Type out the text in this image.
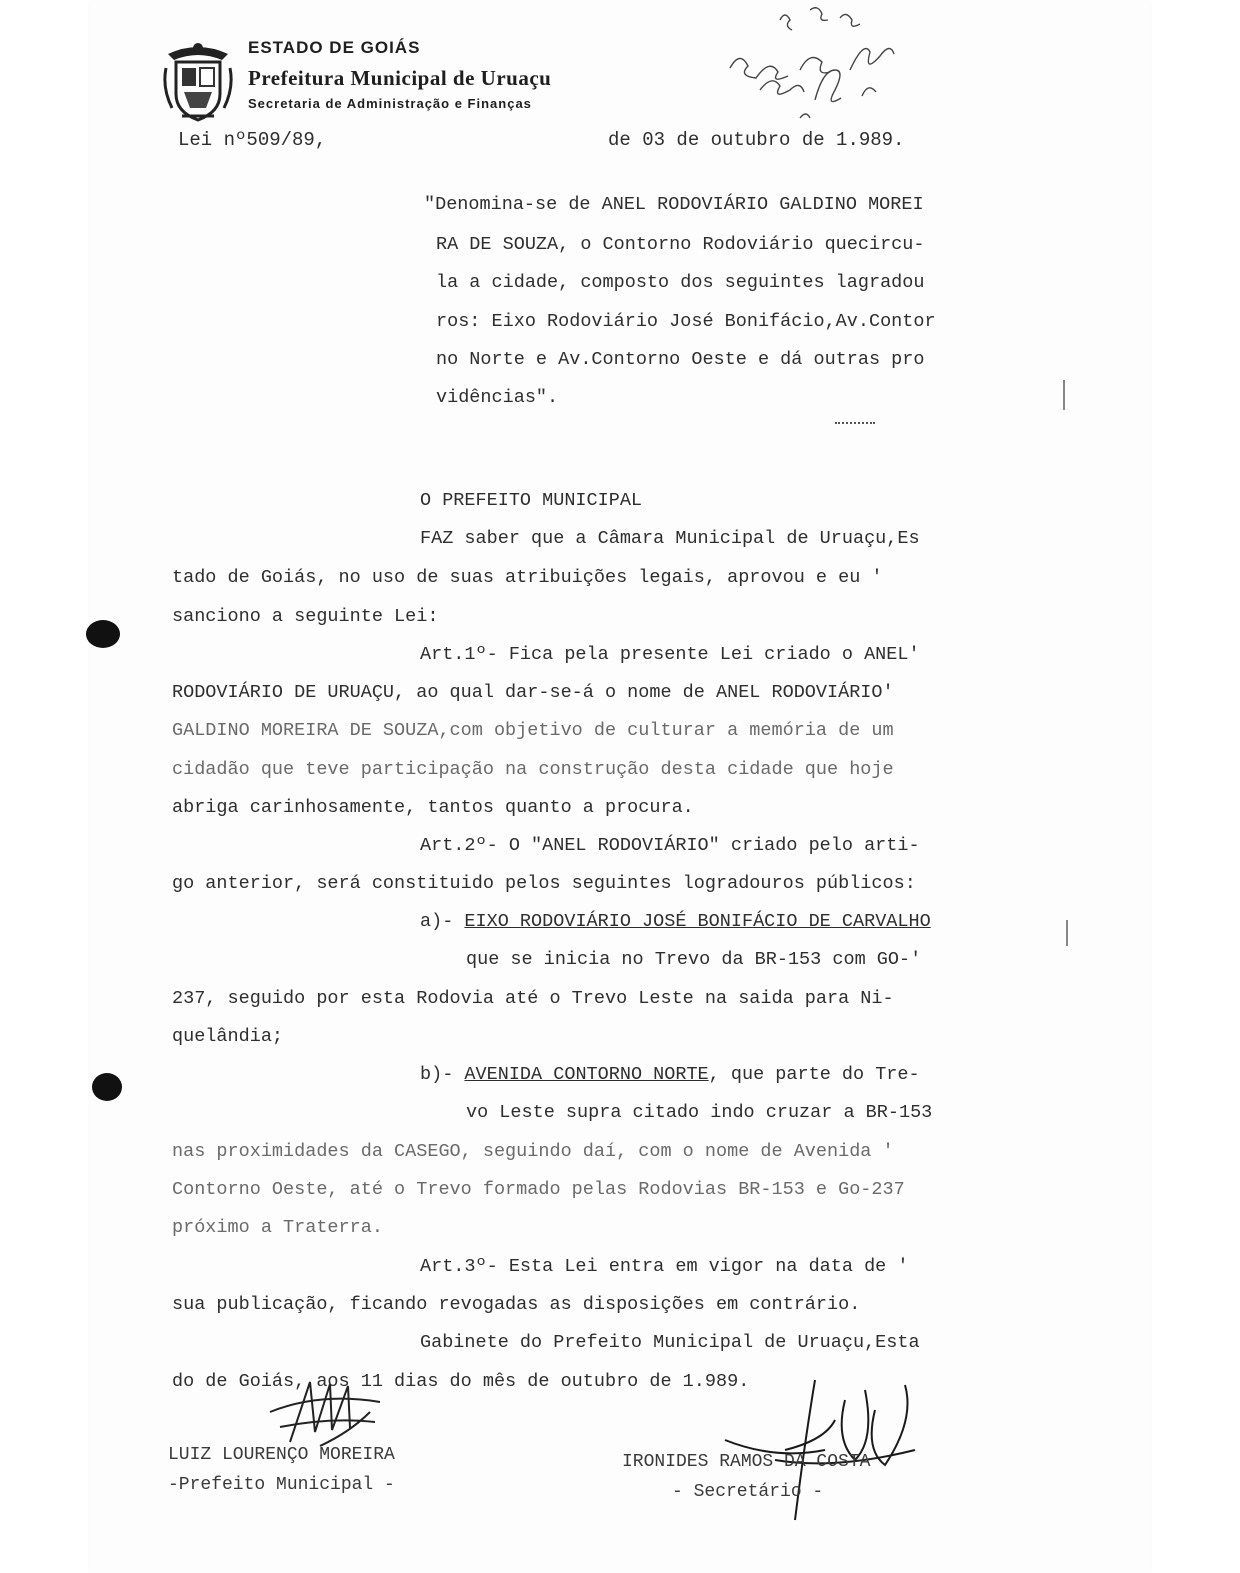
ESTADO DE GOIÁS
Prefeitura Municipal de Uruaçu
Secretaria de Administração e Finanças
Lei nº509/89,	de 03 de outubro de 1.989.
"Denomina-se de ANEL RODOVIÁRIO GALDINO MOREI
RA DE SOUZA, o Contorno Rodoviário quecircu-
la a cidade, composto dos seguintes lagradou
ros: Eixo Rodoviário José Bonifácio,Av.Contor
no Norte e Av.Contorno Oeste e dá outras pro
vidências".
O PREFEITO MUNICIPAL
FAZ saber que a Câmara Municipal de Uruaçu,Es
tado de Goiás, no uso de suas atribuições legais, aprovou e eu '
sanciono a seguinte Lei:
Art.1º- Fica pela presente Lei criado o ANEL'
RODOVIÁRIO DE URUAÇU, ao qual dar-se-á o nome de ANEL RODOVIÁRIO'
GALDINO MOREIRA DE SOUZA,com objetivo de culturar a memória de um
cidadão que teve participação na construção desta cidade que hoje
abriga carinhosamente, tantos quanto a procura.
Art.2º- O "ANEL RODOVIÁRIO" criado pelo arti-
go anterior, será constituido pelos seguintes logradouros públicos:
a)- EIXO RODOVIÁRIO JOSÉ BONIFÁCIO DE CARVALHO
que se inicia no Trevo da BR-153 com GO-'
237, seguido por esta Rodovia até o Trevo Leste na saida para Ni-
quelândia;
b)- AVENIDA CONTORNO NORTE, que parte do Tre-
vo Leste supra citado indo cruzar a BR-153
nas proximidades da CASEGO, seguindo daí, com o nome de Avenida '
Contorno Oeste, até o Trevo formado pelas Rodovias BR-153 e Go-237
próximo a Traterra.
Art.3º- Esta Lei entra em vigor na data de '
sua publicação, ficando revogadas as disposições em contrário.
Gabinete do Prefeito Municipal de Uruaçu,Esta
do de Goiás, aos 11 dias do mês de outubro de 1.989.
LUIZ LOURENÇO MOREIRA
-Prefeito Municipal -
IRONIDES RAMOS DA COSTA
- Secretário -
